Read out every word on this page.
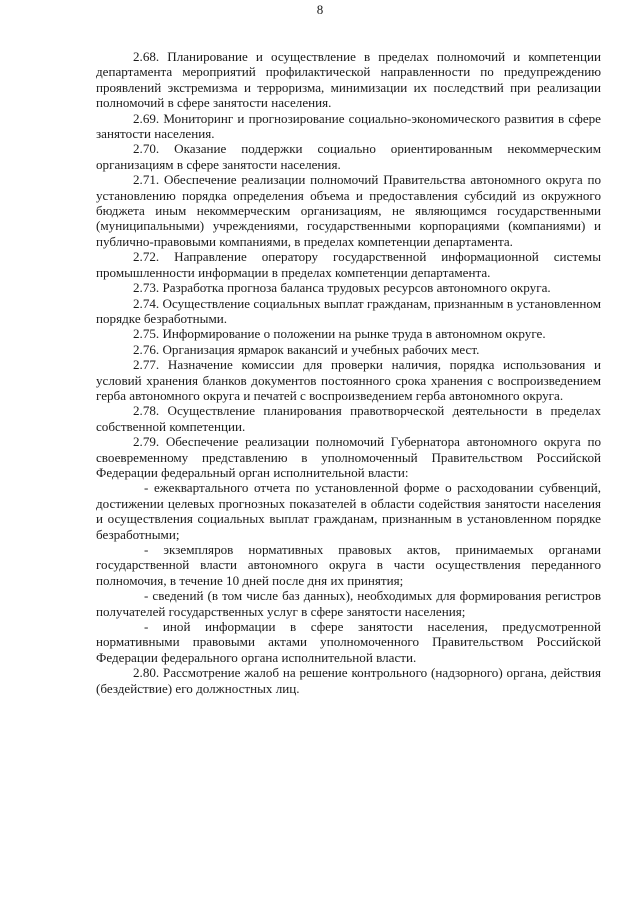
8

2.68. Планирование и осуществление в пределах полномочий и компетенции департамента мероприятий профилактической направленности по предупреждению проявлений экстремизма и терроризма, минимизации их последствий при реализации полномочий в сфере занятости населения.

2.69. Мониторинг и прогнозирование социально-экономического развития в сфере занятости населения.

2.70. Оказание поддержки социально ориентированным некоммерческим организациям в сфере занятости населения.

2.71. Обеспечение реализации полномочий Правительства автономного округа по установлению порядка определения объема и предоставления субсидий из окружного бюджета иным некоммерческим организациям, не являющимся государственными (муниципальными) учреждениями, государственными корпорациями (компаниями) и публично-правовыми компаниями, в пределах компетенции департамента.

2.72. Направление оператору государственной информационной системы промышленности информации в пределах компетенции департамента.

2.73. Разработка прогноза баланса трудовых ресурсов автономного округа.

2.74. Осуществление социальных выплат гражданам, признанным в установленном порядке безработными.

2.75. Информирование о положении на рынке труда в автономном округе.

2.76. Организация ярмарок вакансий и учебных рабочих мест.

2.77. Назначение комиссии для проверки наличия, порядка использования и условий хранения бланков документов постоянного срока хранения с воспроизведением герба автономного округа и печатей с воспроизведением герба автономного округа.

2.78. Осуществление планирования правотворческой деятельности в пределах собственной компетенции.

2.79. Обеспечение реализации полномочий Губернатора автономного округа по своевременному представлению в уполномоченный Правительством Российской Федерации федеральный орган исполнительной власти:

- ежеквартального отчета по установленной форме о расходовании субвенций, достижении целевых прогнозных показателей в области содействия занятости населения и осуществления социальных выплат гражданам, признанным в установленном порядке безработными;

- экземпляров нормативных правовых актов, принимаемых органами государственной власти автономного округа в части осуществления переданного полномочия, в течение 10 дней после дня их принятия;

- сведений (в том числе баз данных), необходимых для формирования регистров получателей государственных услуг в сфере занятости населения;

- иной информации в сфере занятости населения, предусмотренной нормативными правовыми актами уполномоченного Правительством Российской Федерации федерального органа исполнительной власти.

2.80. Рассмотрение жалоб на решение контрольного (надзорного) органа, действия (бездействие) его должностных лиц.
